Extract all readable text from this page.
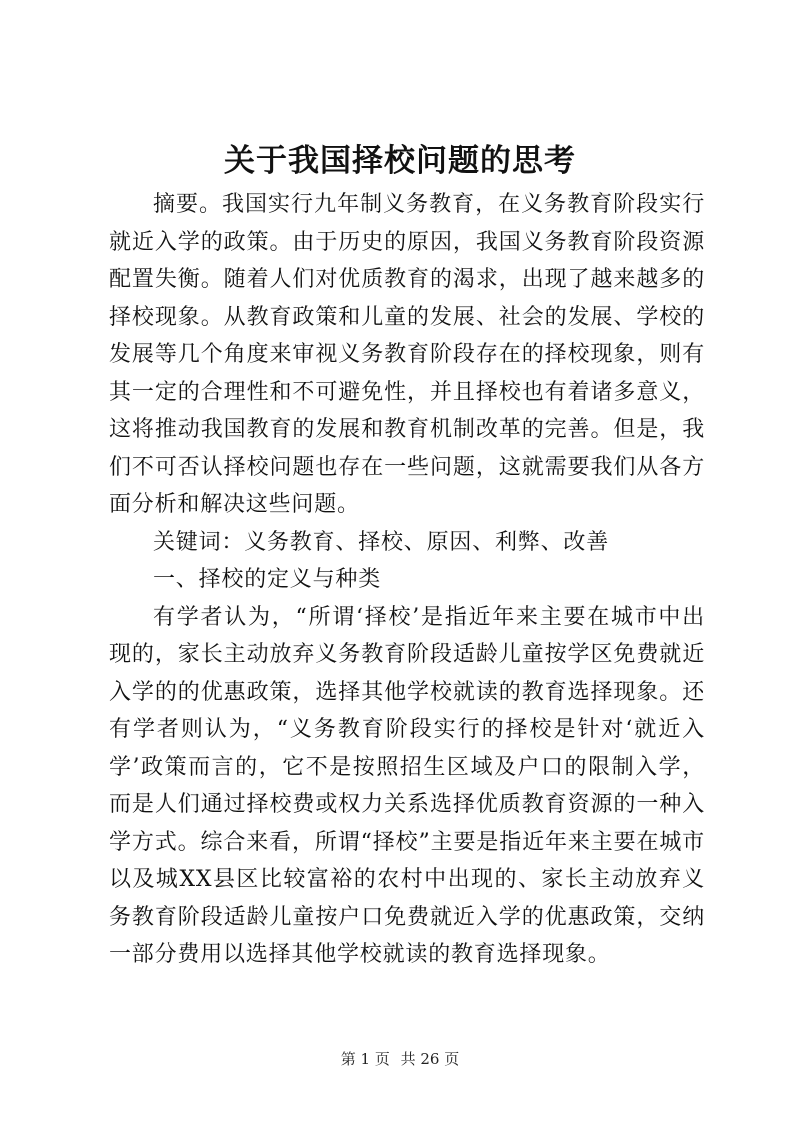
关于我国择校问题的思考

摘要。我国实行九年制义务教育，在义务教育阶段实行就近入学的政策。由于历史的原因，我国义务教育阶段资源配置失衡。随着人们对优质教育的渴求，出现了越来越多的择校现象。从教育政策和儿童的发展、社会的发展、学校的发展等几个角度来审视义务教育阶段存在的择校现象，则有其一定的合理性和不可避免性，并且择校也有着诸多意义，这将推动我国教育的发展和教育机制改革的完善。但是，我们不可否认择校问题也存在一些问题，这就需要我们从各方面分析和解决这些问题。

关键词：义务教育、择校、原因、利弊、改善

一、择校的定义与种类

有学者认为，“所谓‘择校’是指近年来主要在城市中出现的，家长主动放弃义务教育阶段适龄儿童按学区免费就近入学的的优惠政策，选择其他学校就读的教育选择现象。还有学者则认为，“义务教育阶段实行的择校是针对‘就近入学’政策而言的，它不是按照招生区域及户口的限制入学，而是人们通过择校费或权力关系选择优质教育资源的一种入学方式。综合来看，所谓“择校”主要是指近年来主要在城市以及城XX县区比较富裕的农村中出现的、家长主动放弃义务教育阶段适龄儿童按户口免费就近入学的优惠政策，交纳一部分费用以选择其他学校就读的教育选择现象。

第 1 页 共 26 页
